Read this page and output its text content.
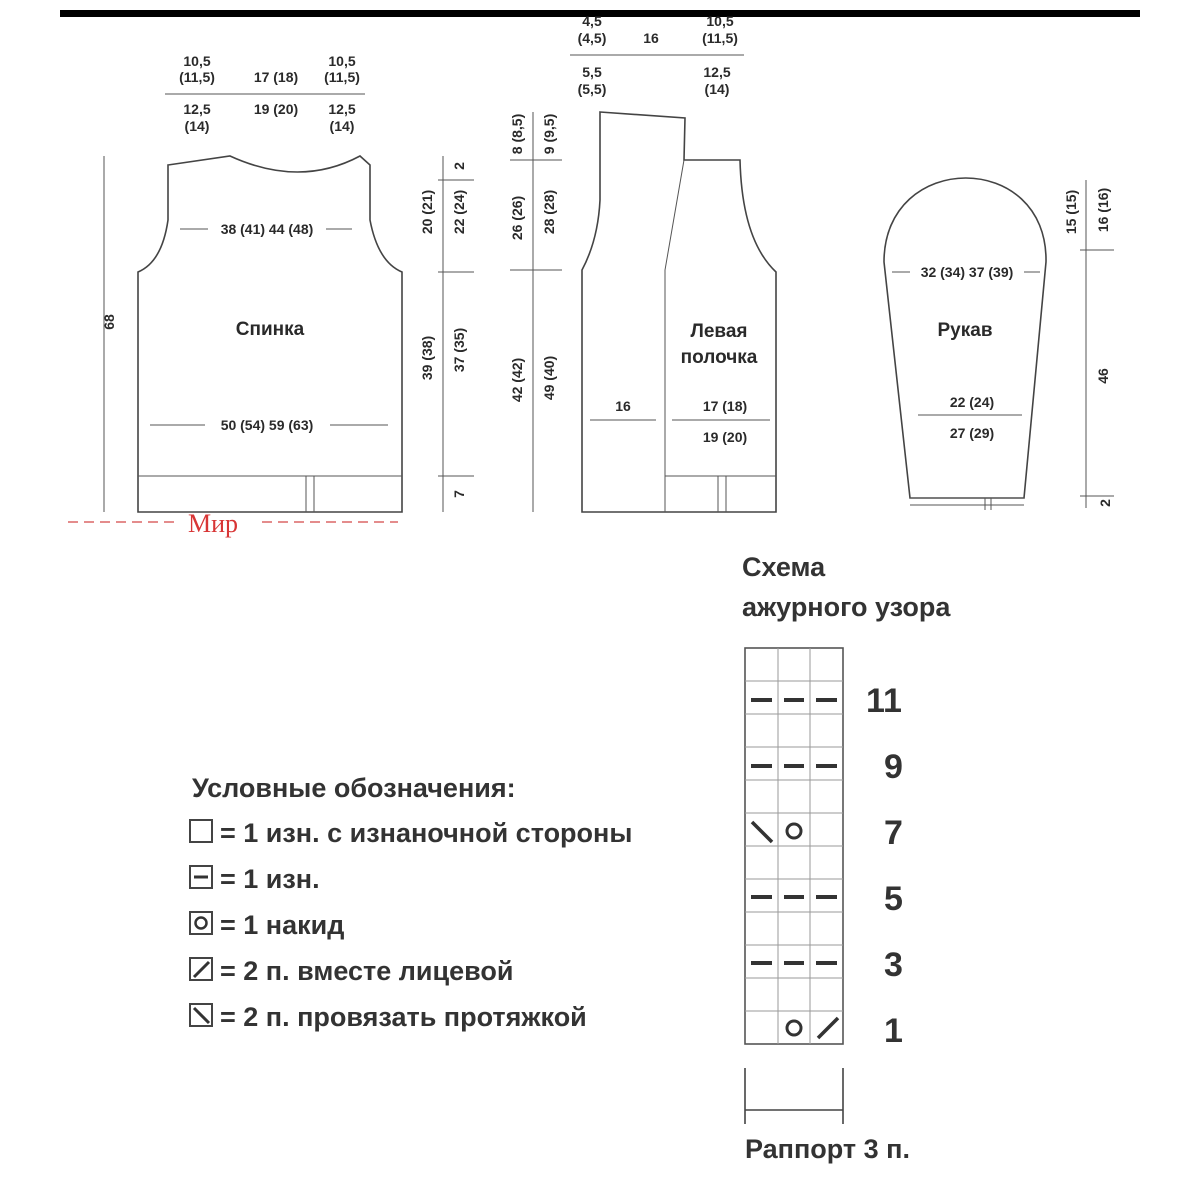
10,5
(11,5)	17 (18)
10,5
(11,5)
12,5
(14)
19 (20) 12,5
(14)
38 (41) 44 (48)
50 (54) 59 (63)
Спинка
68
2
20 (21) 22 (24)
39 (38) 37 (35)
7
Мир
4,5
(4,5)	16
10,5
(11,5)
5,5
(5,5)
12,5
(14)
8 (8,5) 9 (9,5)
26 (26) 28 (28)
42 (42) 49 (40)
16	17 (18)
19 (20)
Левая
полочка
32 (34) 37 (39)
Рукав
22 (24)
27 (29)
15 (15) 16 (16)
46
2
Условные обозначения:
= 1 изн. с изнаночной стороны
= 1 изн.
= 1 накид
= 2 п. вместе лицевой
= 2 п. провязать протяжкой
Схема
ажурного узора
11
9
7
5
3
1
Раппорт 3 п.
